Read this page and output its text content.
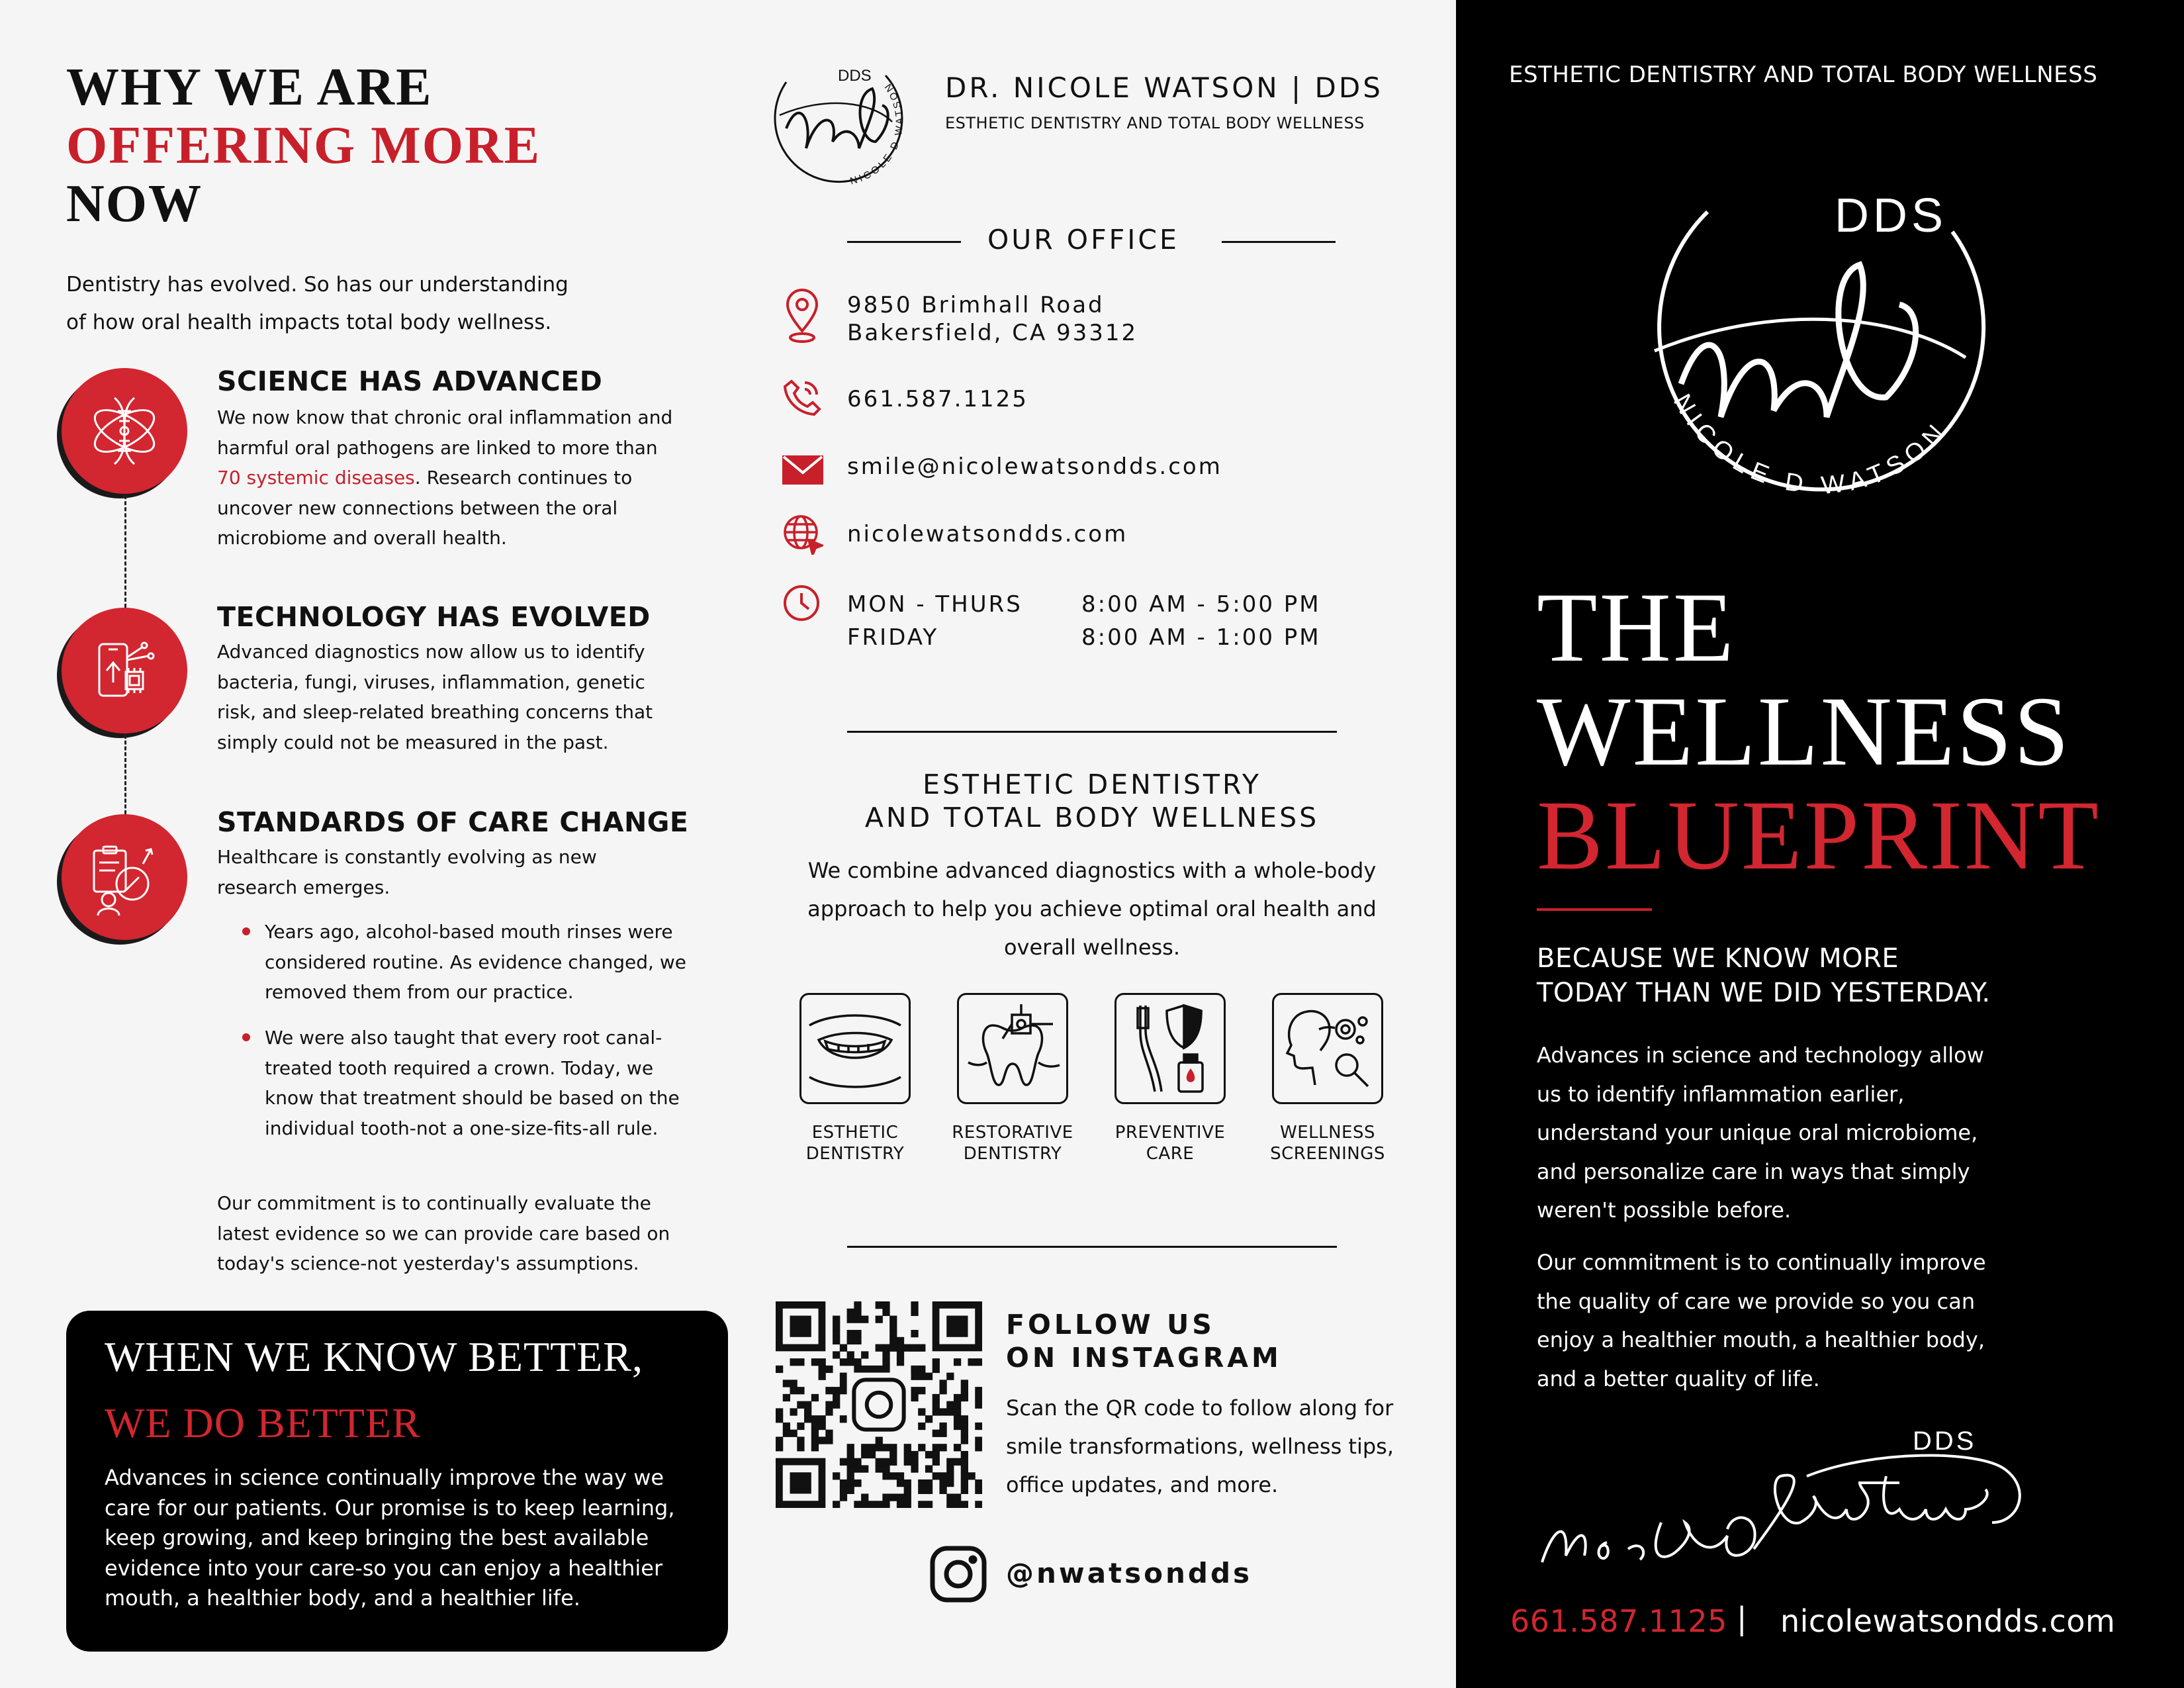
WHY WE ARE
OFFERING MORE
NOW
Dentistry has evolved. So has our understanding
of how oral health impacts total body wellness.
SCIENCE HAS ADVANCED
We now know that chronic oral inflammation and harmful oral pathogens are linked to more than 70 systemic diseases. Research continues to uncover new connections between the oral microbiome and overall health.
TECHNOLOGY HAS EVOLVED
Advanced diagnostics now allow us to identify bacteria, fungi, viruses, inflammation, genetic risk, and sleep-related breathing concerns that simply could not be measured in the past.
STANDARDS OF CARE CHANGE
Healthcare is constantly evolving as new research emerges.
Years ago, alcohol-based mouth rinses were considered routine. As evidence changed, we removed them from our practice.
We were also taught that every root canal-treated tooth required a crown. Today, we know that treatment should be based on the individual tooth-not a one-size-fits-all rule.
Our commitment is to continually evaluate the latest evidence so we can provide care based on today's science-not yesterday's assumptions.
WHEN WE KNOW BETTER,
WE DO BETTER
Advances in science continually improve the way we care for our patients. Our promise is to keep learning, keep growing, and keep bringing the best available evidence into your care-so you can enjoy a healthier mouth, a healthier body, and a healthier life.
DDS
NICOLE D WATSON	DR. NICOLE WATSON | DDS
ESTHETIC DENTISTRY AND TOTAL BODY WELLNESS
OUR OFFICE
9850 Brimhall Road
Bakersfield, CA 93312
661.587.1125
smile@nicolewatsondds.com
nicolewatsondds.com
MON - THURS	8:00 AM - 5:00 PM
FRIDAY	8:00 AM - 1:00 PM
ESTHETIC DENTISTRY
AND TOTAL BODY WELLNESS
We combine advanced diagnostics with a whole-body approach to help you achieve optimal oral health and overall wellness.
ESTHETIC
DENTISTRY
RESTORATIVE
DENTISTRY
PREVENTIVE
CARE
WELLNESS
SCREENINGS
FOLLOW US
ON INSTAGRAM
Scan the QR code to follow along for smile transformations, wellness tips, office updates, and more.
@nwatsondds
ESTHETIC DENTISTRY AND TOTAL BODY WELLNESS
DDS
NICOLE D WATSON
THE
WELLNESS
BLUEPRINT
BECAUSE WE KNOW MORE
TODAY THAN WE DID YESTERDAY.
Advances in science and technology allow us to identify inflammation earlier, understand your unique oral microbiome, and personalize care in ways that simply weren't possible before.
Our commitment is to continually improve the quality of care we provide so you can enjoy a healthier mouth, a healthier body, and a better quality of life.
DDS
661.587.1125 | nicolewatsondds.com
